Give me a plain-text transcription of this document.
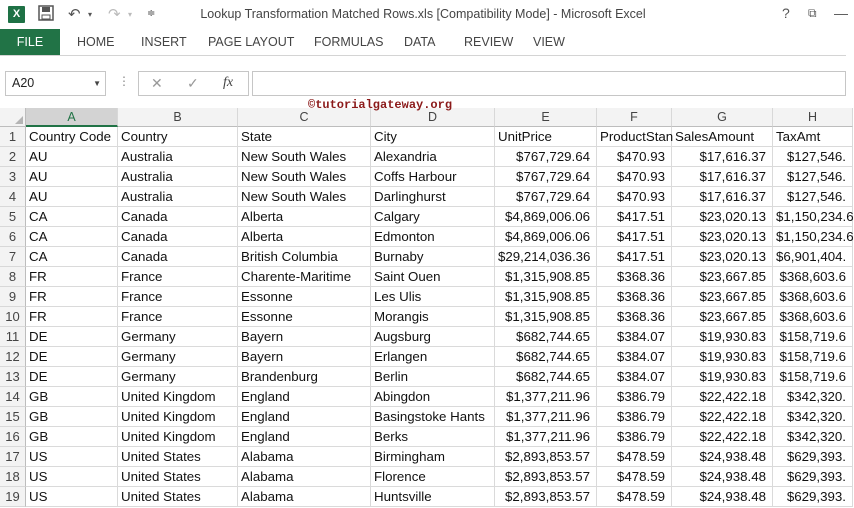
X	↶ ▾ ↷ ▾ ≑	Lookup Transformation Matched Rows.xls [Compatibility Mode] - Microsoft Excel	? ⧉ —
FILE	HOME INSERT PAGE LAYOUT FORMULAS DATA REVIEW VIEW
A20	▼ ⋮ ✕ ✓ fx
©tutorialgateway.org
A	B	C	D	E	F	G	H
1 Country Code Country	State	City	UnitPrice	ProductStan SalesAmount	TaxAmt
2 AU	Australia	New South Wales	Alexandria	$767,729.64	$470.93	$17,616.37	$127,546.
3 AU	Australia	New South Wales	Coffs Harbour	$767,729.64	$470.93	$17,616.37	$127,546.
4 AU	Australia	New South Wales	Darlinghurst	$767,729.64	$470.93	$17,616.37	$127,546.
5 CA	Canada	Alberta	Calgary	$4,869,006.06	$417.51	$23,020.13 $1,150,234.6
6 CA	Canada	Alberta	Edmonton	$4,869,006.06	$417.51	$23,020.13 $1,150,234.6
7 CA	Canada	British Columbia	Burnaby	$29,214,036.36	$417.51	$23,020.13 $6,901,404.
8 FR	France	Charente-Maritime	Saint Ouen	$1,315,908.85	$368.36	$23,667.85	$368,603.6
9 FR	France	Essonne	Les Ulis	$1,315,908.85	$368.36	$23,667.85	$368,603.6
10 FR	France	Essonne	Morangis	$1,315,908.85	$368.36	$23,667.85	$368,603.6
11 DE	Germany	Bayern	Augsburg	$682,744.65	$384.07	$19,930.83	$158,719.6
12 DE	Germany	Bayern	Erlangen	$682,744.65	$384.07	$19,930.83	$158,719.6
13 DE	Germany	Brandenburg	Berlin	$682,744.65	$384.07	$19,930.83	$158,719.6
14 GB	United Kingdom	England	Abingdon	$1,377,211.96	$386.79	$22,422.18	$342,320.
15 GB	United Kingdom	England	Basingstoke Hants	$1,377,211.96	$386.79	$22,422.18	$342,320.
16 GB	United Kingdom	England	Berks	$1,377,211.96	$386.79	$22,422.18	$342,320.
17 US	United States	Alabama	Birmingham	$2,893,853.57	$478.59	$24,938.48	$629,393.
18 US	United States	Alabama	Florence	$2,893,853.57	$478.59	$24,938.48	$629,393.
19 US	United States	Alabama	Huntsville	$2,893,853.57	$478.59	$24,938.48	$629,393.
